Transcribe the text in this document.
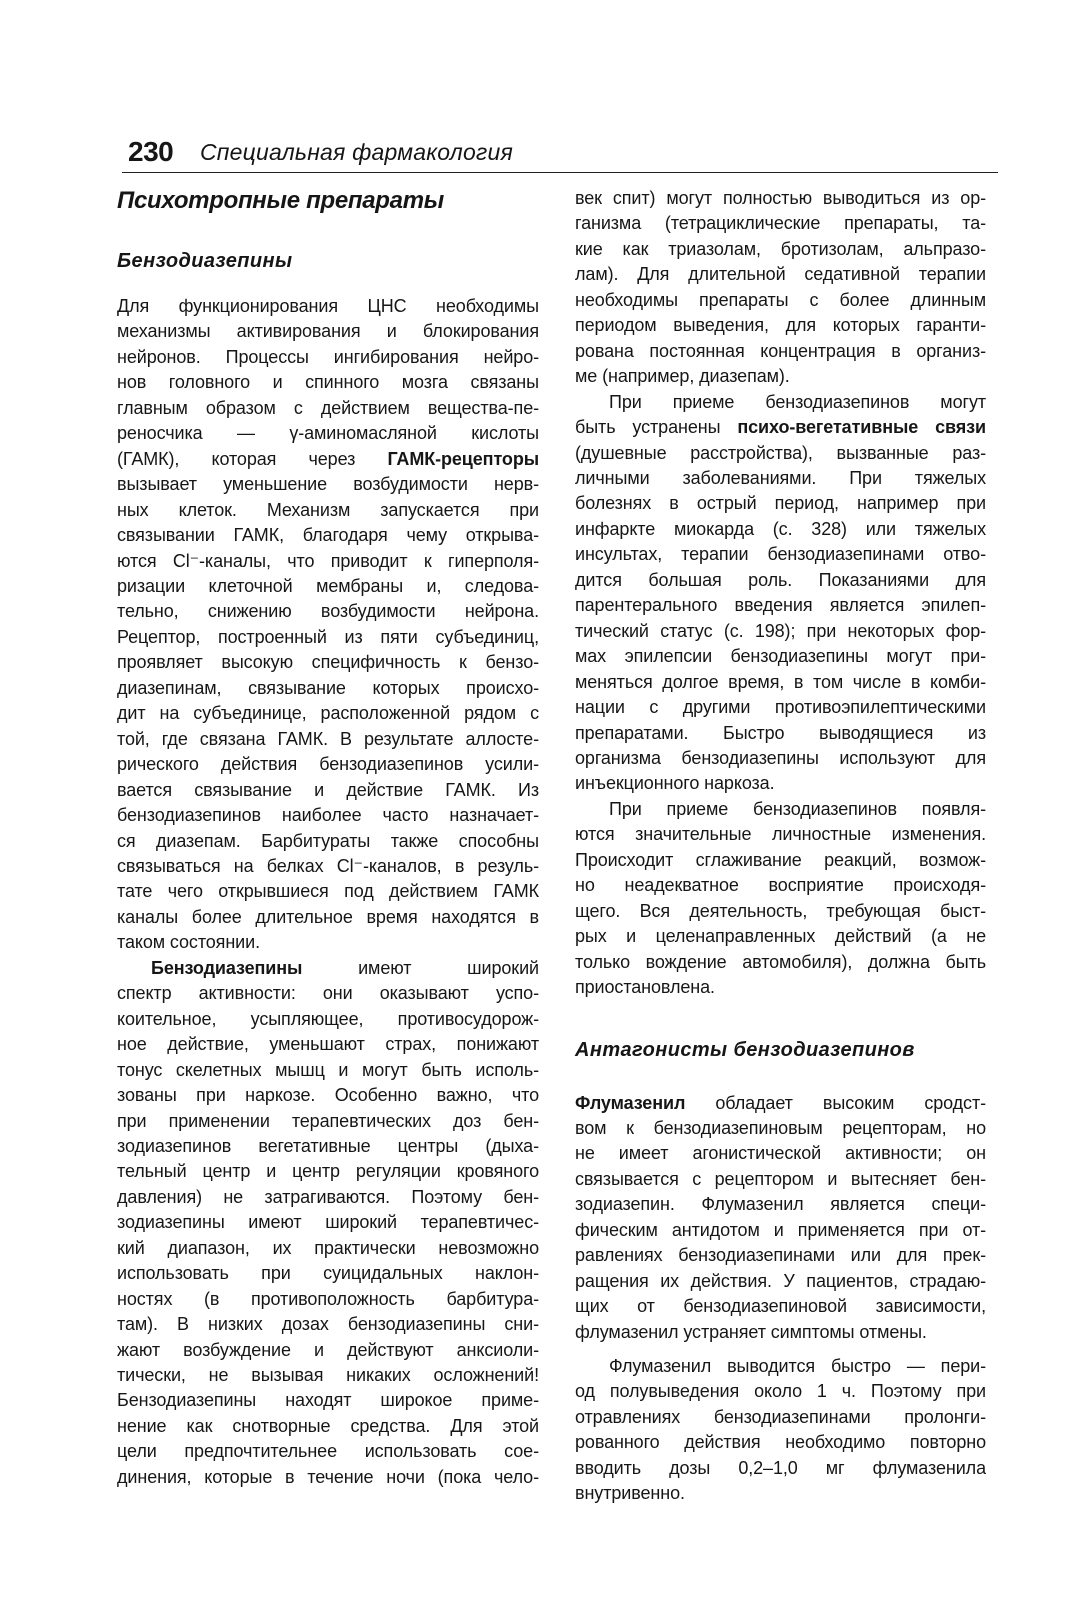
230 Специальная фармакология
Психотропные препараты
Бензодиазепины
Для функционирования ЦНС необходимы
механизмы активирования и блокирования
нейронов. Процессы ингибирования нейро-
нов головного и спинного мозга связаны
главным образом с действием вещества-пе-
реносчика — γ-аминомасляной кислоты
(ГАМК), которая через ГАМК-рецепторы
вызывает уменьшение возбудимости нерв-
ных клеток. Механизм запускается при
связывании ГАМК, благодаря чему открыва-
ются Cl⁻-каналы, что приводит к гиперполя-
ризации клеточной мембраны и, следова-
тельно, снижению возбудимости нейрона.
Рецептор, построенный из пяти субъединиц,
проявляет высокую специфичность к бензо-
диазепинам, связывание которых происхо-
дит на субъединице, расположенной рядом с
той, где связана ГАМК. В результате аллосте-
рического действия бензодиазепинов усили-
вается связывание и действие ГАМК. Из
бензодиазепинов наиболее часто назначает-
ся диазепам. Барбитураты также способны
связываться на белках Cl⁻-каналов, в резуль-
тате чего открывшиеся под действием ГАМК
каналы более длительное время находятся в
таком состоянии.
Бензодиазепины имеют широкий
спектр активности: они оказывают успо-
коительное, усыпляющее, противосудорож-
ное действие, уменьшают страх, понижают
тонус скелетных мышц и могут быть исполь-
зованы при наркозе. Особенно важно, что
при применении терапевтических доз бен-
зодиазепинов вегетативные центры (дыха-
тельный центр и центр регуляции кровяного
давления) не затрагиваются. Поэтому бен-
зодиазепины имеют широкий терапевтичес-
кий диапазон, их практически невозможно
использовать при суицидальных наклон-
ностях (в противоположность барбитура-
там). В низких дозах бензодиазепины сни-
жают возбуждение и действуют анксиоли-
тически, не вызывая никаких осложнений!
Бензодиазепины находят широкое приме-
нение как снотворные средства. Для этой
цели предпочтительнее использовать сое-
динения, которые в течение ночи (пока чело-
век спит) могут полностью выводиться из ор-
ганизма (тетрациклические препараты, та-
кие как триазолам, бротизолам, альпразо-
лам). Для длительной седативной терапии
необходимы препараты с более длинным
периодом выведения, для которых гаранти-
рована постоянная концентрация в организ-
ме (например, диазепам).
При приеме бензодиазепинов могут
быть устранены психо-вегетативные связи
(душевные расстройства), вызванные раз-
личными заболеваниями. При тяжелых
болезнях в острый период, например при
инфаркте миокарда (с. 328) или тяжелых
инсультах, терапии бензодиазепинами отво-
дится большая роль. Показаниями для
парентерального введения является эпилеп-
тический статус (с. 198); при некоторых фор-
мах эпилепсии бензодиазепины могут при-
меняться долгое время, в том числе в комби-
нации с другими противоэпилептическими
препаратами. Быстро выводящиеся из
организма бензодиазепины используют для
инъекционного наркоза.
При приеме бензодиазепинов появля-
ются значительные личностные изменения.
Происходит сглаживание реакций, возмож-
но неадекватное восприятие происходя-
щего. Вся деятельность, требующая быст-
рых и целенаправленных действий (а не
только вождение автомобиля), должна быть
приостановлена.
Антагонисты бензодиазепинов
Флумазенил обладает высоким сродст-
вом к бензодиазепиновым рецепторам, но
не имеет агонистической активности; он
связывается с рецептором и вытесняет бен-
зодиазепин. Флумазенил является специ-
фическим антидотом и применяется при от-
равлениях бензодиазепинами или для прек-
ращения их действия. У пациентов, страдаю-
щих от бензодиазепиновой зависимости,
флумазенил устраняет симптомы отмены.
Флумазенил выводится быстро — пери-
од полувыведения около 1 ч. Поэтому при
отравлениях бензодиазепинами пролонги-
рованного действия необходимо повторно
вводить дозы 0,2–1,0 мг флумазенила
внутривенно.
